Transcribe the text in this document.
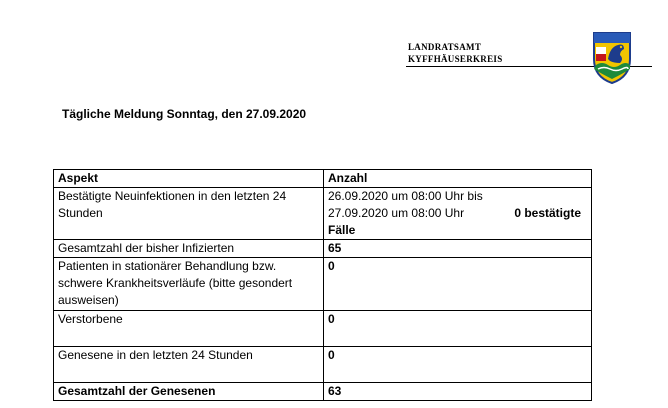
LANDRATSAMT
KYFFHÄUSERKREIS
Tägliche Meldung Sonntag, den 27.09.2020
Aspekt	Anzahl
Bestätigte Neuinfektionen in den letzten 24 Stunden	26.09.2020 um 08:00 Uhr bis
27.09.2020 um 08:00 Uhr 0 bestätigte
Fälle

Gesamtzahl der bisher Infizierten	65
Patienten in stationärer Behandlung bzw. schwere Krankheitsverläufe (bitte gesondert ausweisen)	0
Verstorbene	0
Genesene in den letzten 24 Stunden	0
Gesamtzahl der Genesenen	63
